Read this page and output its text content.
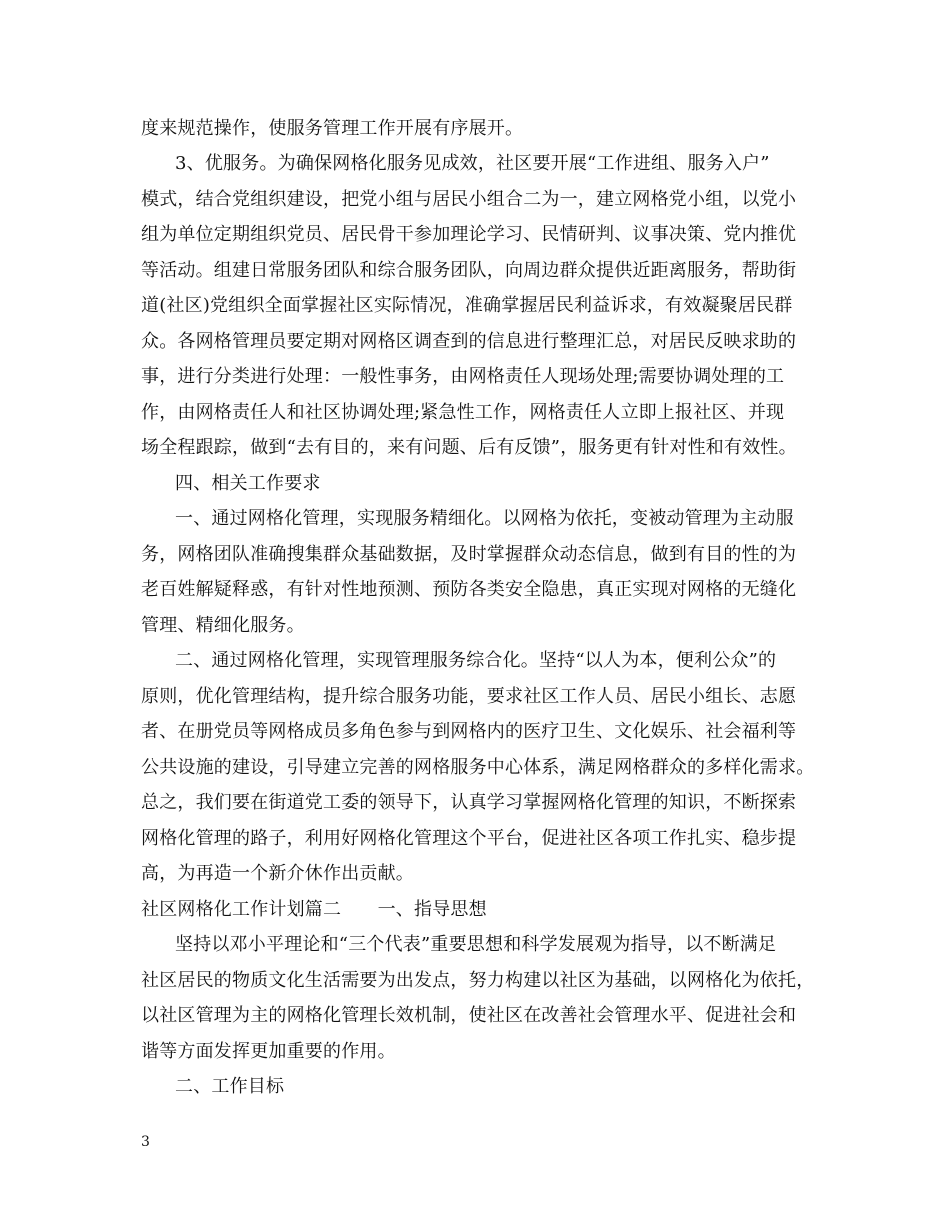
度来规范操作，使服务管理工作开展有序展开。
3、优服务。为确保网格化服务见成效，社区要开展“工作进组、服务入户”
模式，结合党组织建设，把党小组与居民小组合二为一，建立网格党小组，以党小
组为单位定期组织党员、居民骨干参加理论学习、民情研判、议事决策、党内推优
等活动。组建日常服务团队和综合服务团队，向周边群众提供近距离服务，帮助街
道(社区)党组织全面掌握社区实际情况，准确掌握居民利益诉求，有效凝聚居民群
众。各网格管理员要定期对网格区调查到的信息进行整理汇总，对居民反映求助的
事，进行分类进行处理：一般性事务，由网格责任人现场处理;需要协调处理的工
作，由网格责任人和社区协调处理;紧急性工作，网格责任人立即上报社区、并现
场全程跟踪，做到“去有目的，来有问题、后有反馈”，服务更有针对性和有效性。
四、相关工作要求
一、通过网格化管理，实现服务精细化。以网格为依托，变被动管理为主动服
务，网格团队准确搜集群众基础数据，及时掌握群众动态信息，做到有目的性的为
老百姓解疑释惑，有针对性地预测、预防各类安全隐患，真正实现对网格的无缝化
管理、精细化服务。
二、通过网格化管理，实现管理服务综合化。坚持“以人为本，便利公众”的
原则，优化管理结构，提升综合服务功能，要求社区工作人员、居民小组长、志愿
者、在册党员等网格成员多角色参与到网格内的医疗卫生、文化娱乐、社会福利等
公共设施的建设，引导建立完善的网格服务中心体系，满足网格群众的多样化需求。
总之，我们要在街道党工委的领导下，认真学习掌握网格化管理的知识，不断探索
网格化管理的路子，利用好网格化管理这个平台，促进社区各项工作扎实、稳步提
高，为再造一个新介休作出贡献。
社区网格化工作计划篇二　　一、指导思想
坚持以邓小平理论和“三个代表”重要思想和科学发展观为指导，以不断满足
社区居民的物质文化生活需要为出发点，努力构建以社区为基础，以网格化为依托，
以社区管理为主的网格化管理长效机制，使社区在改善社会管理水平、促进社会和
谐等方面发挥更加重要的作用。
二、工作目标
3
